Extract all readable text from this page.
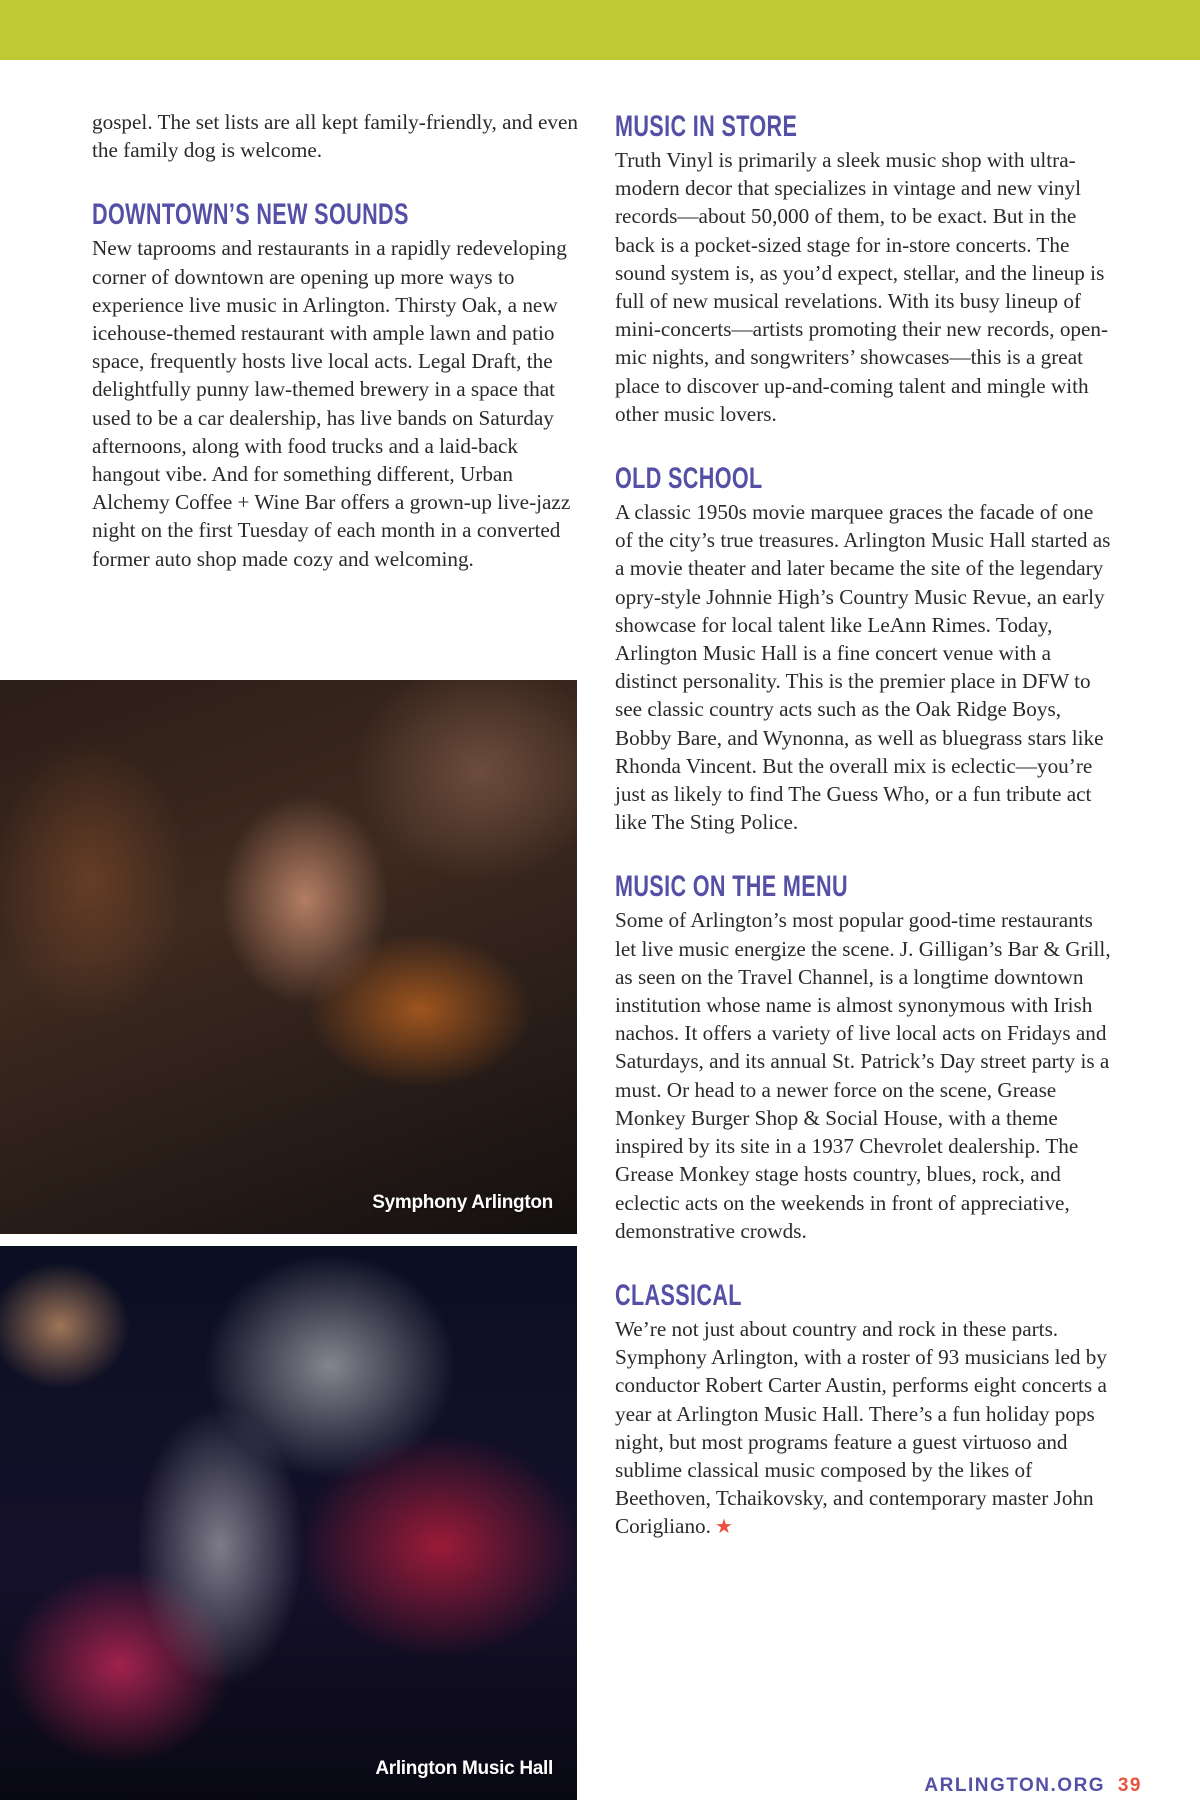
gospel. The set lists are all kept family-friendly, and even the family dog is welcome.

DOWNTOWN’S NEW SOUNDS

New taprooms and restaurants in a rapidly redeveloping corner of downtown are opening up more ways to experience live music in Arlington. Thirsty Oak, a new icehouse-themed restaurant with ample lawn and patio space, frequently hosts live local acts. Legal Draft, the delightfully punny law-themed brewery in a space that used to be a car dealership, has live bands on Saturday afternoons, along with food trucks and a laid-back hangout vibe. And for something different, Urban Alchemy Coffee + Wine Bar offers a grown-up live-jazz night on the first Tuesday of each month in a converted former auto shop made cozy and welcoming.

Symphony Arlington
Arlington Music Hall
MUSIC IN STORE

Truth Vinyl is primarily a sleek music shop with ultra-modern decor that specializes in vintage and new vinyl records—about 50,000 of them, to be exact. But in the back is a pocket-sized stage for in-store concerts. The sound system is, as you’d expect, stellar, and the lineup is full of new musical revelations. With its busy lineup of mini-concerts—artists promoting their new records, open-mic nights, and songwriters’ showcases—this is a great place to discover up-and-coming talent and mingle with other music lovers.

OLD SCHOOL

A classic 1950s movie marquee graces the facade of one of the city’s true treasures. Arlington Music Hall started as a movie theater and later became the site of the legendary opry-style Johnnie High’s Country Music Revue, an early showcase for local talent like LeAnn Rimes. Today, Arlington Music Hall is a fine concert venue with a distinct personality. This is the premier place in DFW to see classic country acts such as the Oak Ridge Boys, Bobby Bare, and Wynonna, as well as bluegrass stars like Rhonda Vincent. But the overall mix is eclectic—you’re just as likely to find The Guess Who, or a fun tribute act like The Sting Police.

MUSIC ON THE MENU

Some of Arlington’s most popular good-time restaurants let live music energize the scene. J. Gilligan’s Bar & Grill, as seen on the Travel Channel, is a longtime downtown institution whose name is almost synonymous with Irish nachos. It offers a variety of live local acts on Fridays and Saturdays, and its annual St. Patrick’s Day street party is a must. Or head to a newer force on the scene, Grease Monkey Burger Shop & Social House, with a theme inspired by its site in a 1937 Chevrolet dealership. The Grease Monkey stage hosts country, blues, rock, and eclectic acts on the weekends in front of appreciative, demonstrative crowds.

CLASSICAL

We’re not just about country and rock in these parts. Symphony Arlington, with a roster of 93 musicians led by conductor Robert Carter Austin, performs eight concerts a year at Arlington Music Hall. There’s a fun holiday pops night, but most programs feature a guest virtuoso and sublime classical music composed by the likes of Beethoven, Tchaikovsky, and contemporary master John Corigliano. ★

ARLINGTON.ORG 39
